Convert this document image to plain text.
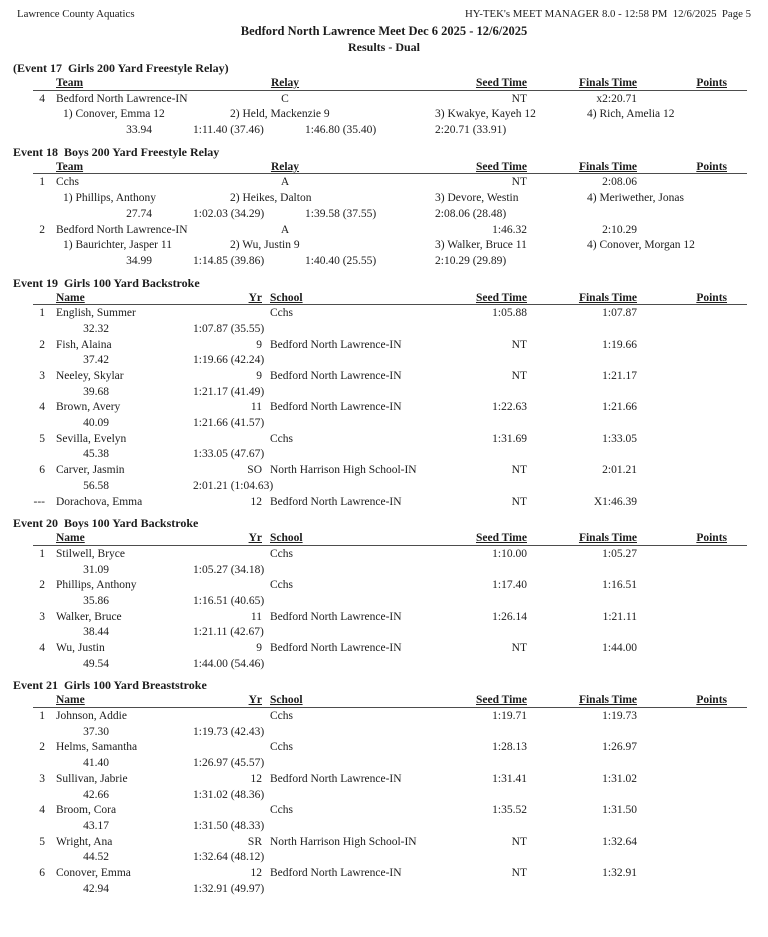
Lawrence County Aquatics	HY-TEK's MEET MANAGER 8.0 - 12:58 PM  12/6/2025  Page 5
Bedford North Lawrence Meet Dec 6 2025 - 12/6/2025
Results - Dual
(Event 17  Girls 200 Yard Freestyle Relay)
Team	Relay	Seed Time	Finals Time	Points
4 Bedford North Lawrence-IN	C	NT	x2:20.71
1) Conover, Emma 12	2) Held, Mackenzie 9	3) Kwakye, Kayeh 12	4) Rich, Amelia 12
33.94	1:11.40 (37.46)	1:46.80 (35.40)	2:20.71 (33.91)
Event 18  Boys 200 Yard Freestyle Relay
Team	Relay	Seed Time	Finals Time	Points
1 Cchs	A	NT	2:08.06
1) Phillips, Anthony	2) Heikes, Dalton	3) Devore, Westin	4) Meriwether, Jonas
27.74	1:02.03 (34.29)	1:39.58 (37.55)	2:08.06 (28.48)
2 Bedford North Lawrence-IN	A	1:46.32	2:10.29
1) Baurichter, Jasper 11	2) Wu, Justin 9	3) Walker, Bruce 11	4) Conover, Morgan 12
34.99	1:14.85 (39.86)	1:40.40 (25.55)	2:10.29 (29.89)
Event 19  Girls 100 Yard Backstroke
Name	Yr School	Seed Time	Finals Time	Points
1 English, Summer	Cchs	1:05.88	1:07.87
32.32	1:07.87 (35.55)
2 Fish, Alaina	9 Bedford North Lawrence-IN	NT	1:19.66
37.42	1:19.66 (42.24)
3 Neeley, Skylar	9 Bedford North Lawrence-IN	NT	1:21.17
39.68	1:21.17 (41.49)
4 Brown, Avery	11 Bedford North Lawrence-IN	1:22.63	1:21.66
40.09	1:21.66 (41.57)
5 Sevilla, Evelyn	Cchs	1:31.69	1:33.05
45.38	1:33.05 (47.67)
6 Carver, Jasmin	SO North Harrison High School-IN	NT	2:01.21
56.58	2:01.21 (1:04.63)
--- Dorachova, Emma	12 Bedford North Lawrence-IN	NT	X1:46.39
Event 20  Boys 100 Yard Backstroke
Name	Yr School	Seed Time	Finals Time	Points
1 Stilwell, Bryce	Cchs	1:10.00	1:05.27
31.09	1:05.27 (34.18)
2 Phillips, Anthony	Cchs	1:17.40	1:16.51
35.86	1:16.51 (40.65)
3 Walker, Bruce	11 Bedford North Lawrence-IN	1:26.14	1:21.11
38.44	1:21.11 (42.67)
4 Wu, Justin	9 Bedford North Lawrence-IN	NT	1:44.00
49.54	1:44.00 (54.46)
Event 21  Girls 100 Yard Breaststroke
Name	Yr School	Seed Time	Finals Time	Points
1 Johnson, Addie	Cchs	1:19.71	1:19.73
37.30	1:19.73 (42.43)
2 Helms, Samantha	Cchs	1:28.13	1:26.97
41.40	1:26.97 (45.57)
3 Sullivan, Jabrie	12 Bedford North Lawrence-IN	1:31.41	1:31.02
42.66	1:31.02 (48.36)
4 Broom, Cora	Cchs	1:35.52	1:31.50
43.17	1:31.50 (48.33)
5 Wright, Ana	SR North Harrison High School-IN	NT	1:32.64
44.52	1:32.64 (48.12)
6 Conover, Emma	12 Bedford North Lawrence-IN	NT	1:32.91
42.94	1:32.91 (49.97)
